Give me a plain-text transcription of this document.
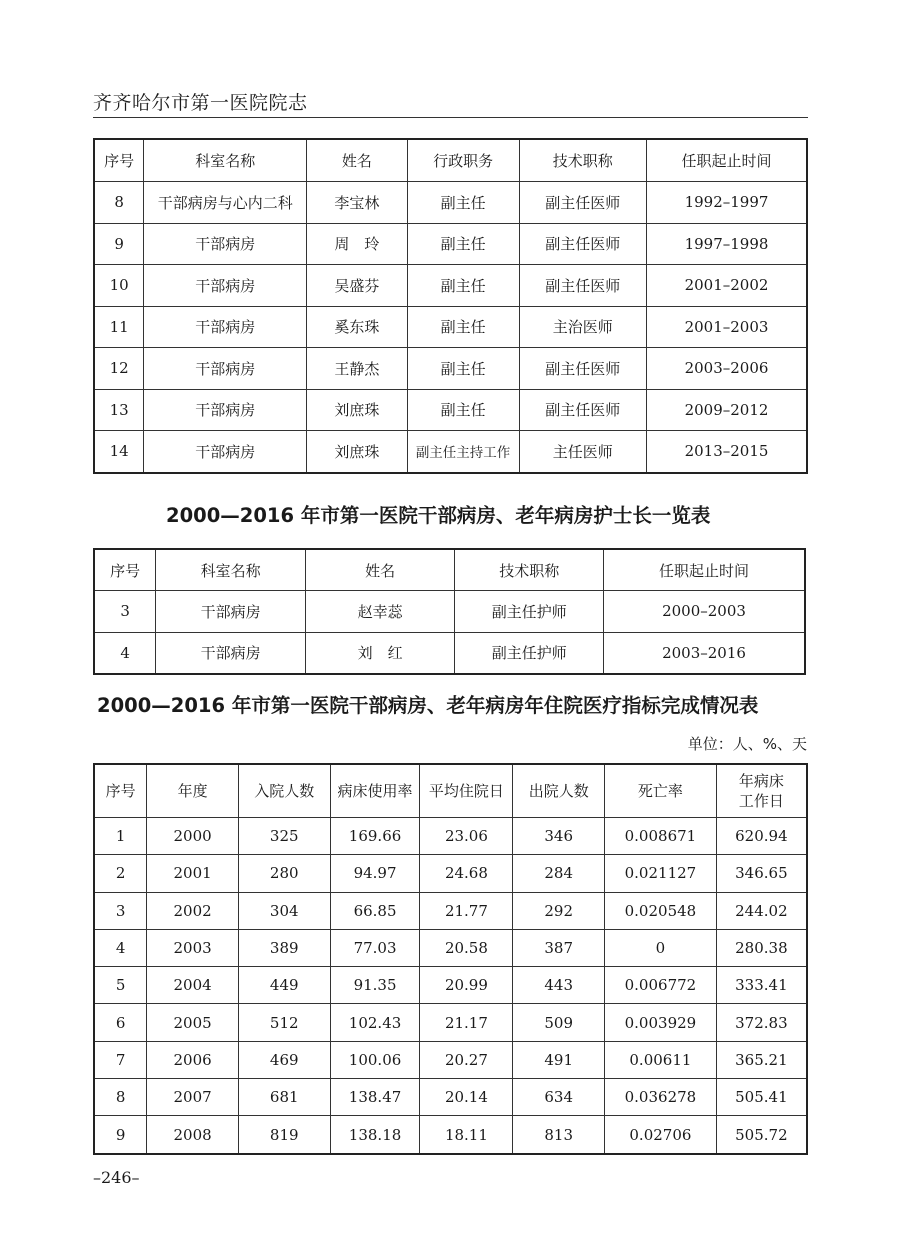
齐齐哈尔市第一医院院志
序号	科室名称	姓名	行政职务	技术职称	任职起止时间
8	干部病房与心内二科	李宝林	副主任	副主任医师	1992–1997
9	干部病房	周　玲	副主任	副主任医师	1997–1998
10	干部病房	吴盛芬	副主任	副主任医师	2001–2002
11	干部病房	奚东珠	副主任	主治医师	2001–2003
12	干部病房	王静杰	副主任	副主任医师	2003–2006
13	干部病房	刘庶珠	副主任	副主任医师	2009–2012
14	干部病房	刘庶珠	副主任主持工作	主任医师	2013–2015
2000—2016 年市第一医院干部病房、老年病房护士长一览表
序号	科室名称	姓名	技术职称	任职起止时间
3	干部病房	赵幸蕊	副主任护师	2000–2003
4	干部病房	刘　红	副主任护师	2003–2016
2000—2016 年市第一医院干部病房、老年病房年住院医疗指标完成情况表
单位：人、%、天
序号	年度	入院人数	病床使用率	平均住院日	出院人数	死亡率	年病床
工作日
1	2000	325	169.66	23.06	346	0.008671	620.94
2	2001	280	94.97	24.68	284	0.021127	346.65
3	2002	304	66.85	21.77	292	0.020548	244.02
4	2003	389	77.03	20.58	387	0	280.38
5	2004	449	91.35	20.99	443	0.006772	333.41
6	2005	512	102.43	21.17	509	0.003929	372.83
7	2006	469	100.06	20.27	491	0.00611	365.21
8	2007	681	138.47	20.14	634	0.036278	505.41
9	2008	819	138.18	18.11	813	0.02706	505.72
–246–
